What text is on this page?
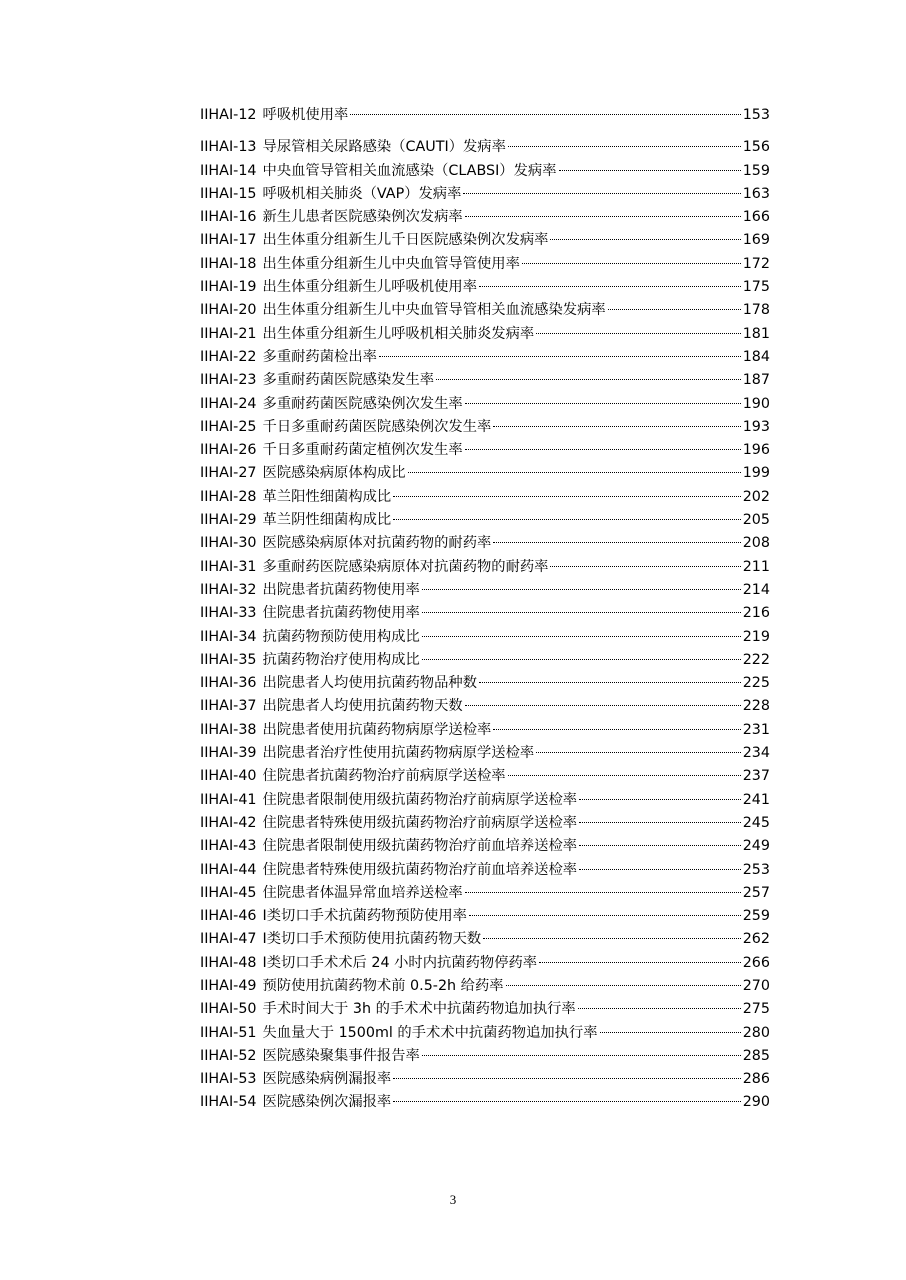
IIHAI-12 呼吸机使用率	153
IIHAI-13 导尿管相关尿路感染（CAUTI）发病率	156
IIHAI-14 中央血管导管相关血流感染（CLABSI）发病率	159
IIHAI-15 呼吸机相关肺炎（VAP）发病率	163
IIHAI-16 新生儿患者医院感染例次发病率	166
IIHAI-17 出生体重分组新生儿千日医院感染例次发病率	169
IIHAI-18 出生体重分组新生儿中央血管导管使用率	172
IIHAI-19 出生体重分组新生儿呼吸机使用率	175
IIHAI-20 出生体重分组新生儿中央血管导管相关血流感染发病率	178
IIHAI-21 出生体重分组新生儿呼吸机相关肺炎发病率	181
IIHAI-22 多重耐药菌检出率	184
IIHAI-23 多重耐药菌医院感染发生率	187
IIHAI-24 多重耐药菌医院感染例次发生率	190
IIHAI-25 千日多重耐药菌医院感染例次发生率	193
IIHAI-26 千日多重耐药菌定植例次发生率	196
IIHAI-27 医院感染病原体构成比	199
IIHAI-28 革兰阳性细菌构成比	202
IIHAI-29 革兰阴性细菌构成比	205
IIHAI-30 医院感染病原体对抗菌药物的耐药率	208
IIHAI-31 多重耐药医院感染病原体对抗菌药物的耐药率	211
IIHAI-32 出院患者抗菌药物使用率	214
IIHAI-33 住院患者抗菌药物使用率	216
IIHAI-34 抗菌药物预防使用构成比	219
IIHAI-35 抗菌药物治疗使用构成比	222
IIHAI-36 出院患者人均使用抗菌药物品种数	225
IIHAI-37 出院患者人均使用抗菌药物天数	228
IIHAI-38 出院患者使用抗菌药物病原学送检率	231
IIHAI-39 出院患者治疗性使用抗菌药物病原学送检率	234
IIHAI-40 住院患者抗菌药物治疗前病原学送检率	237
IIHAI-41 住院患者限制使用级抗菌药物治疗前病原学送检率	241
IIHAI-42 住院患者特殊使用级抗菌药物治疗前病原学送检率	245
IIHAI-43 住院患者限制使用级抗菌药物治疗前血培养送检率	249
IIHAI-44 住院患者特殊使用级抗菌药物治疗前血培养送检率	253
IIHAI-45 住院患者体温异常血培养送检率	257
IIHAI-46 Ⅰ类切口手术抗菌药物预防使用率	259
IIHAI-47 Ⅰ类切口手术预防使用抗菌药物天数	262
IIHAI-48 Ⅰ类切口手术术后 24 小时内抗菌药物停药率	266
IIHAI-49 预防使用抗菌药物术前 0.5-2h 给药率	270
IIHAI-50 手术时间大于 3h 的手术术中抗菌药物追加执行率	275
IIHAI-51 失血量大于 1500ml 的手术术中抗菌药物追加执行率	280
IIHAI-52 医院感染聚集事件报告率	285
IIHAI-53 医院感染病例漏报率	286
IIHAI-54 医院感染例次漏报率	290
3
